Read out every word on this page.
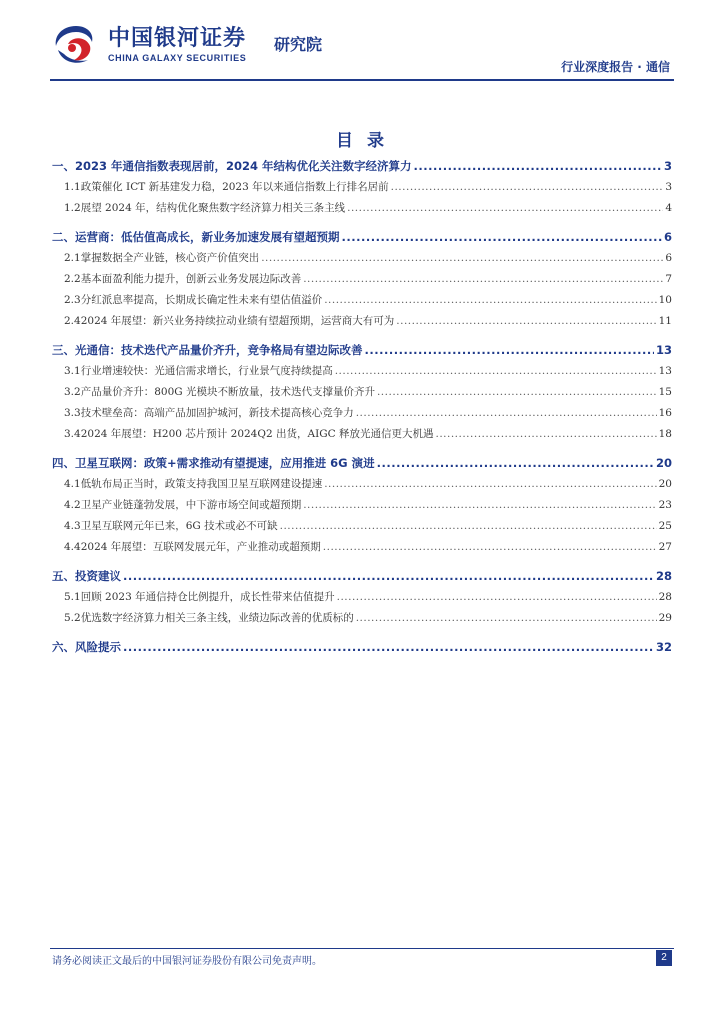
中国银河证券
CHINA GALAXY SECURITIES
研究院
行业深度报告 · 通信
目 录
一、2023 年通信指数表现居前，2024 年结构优化关注数字经济算力 .....	3
1.1 政策催化 ICT 新基建发力稳，2023 年以来通信指数上行排名居前 .....	3
1.2 展望 2024 年，结构优化聚焦数字经济算力相关三条主线 .....	4
二、运营商：低估值高成长，新业务加速发展有望超预期 .....	6
2.1 掌握数据全产业链，核心资产价值突出 .....	6
2.2 基本面盈利能力提升，创新云业务发展边际改善 .....	7
2.3 分红派息率提高，长期成长确定性未来有望估值溢价 .....	10
2.4 2024 年展望：新兴业务持续拉动业绩有望超预期，运营商大有可为 .....	11
三、光通信：技术迭代产品量价齐升，竞争格局有望边际改善 .....	13
3.1 行业增速较快：光通信需求增长，行业景气度持续提高 .....	13
3.2 产品量价齐升：800G 光模块不断放量，技术迭代支撑量价齐升 .....	15
3.3 技术壁垒高：高端产品加固护城河，新技术提高核心竞争力 .....	16
3.4 2024 年展望：H200 芯片预计 2024Q2 出货，AIGC 释放光通信更大机遇 .....	18
四、卫星互联网：政策+需求推动有望提速，应用推进 6G 演进 .....	20
4.1 低轨布局正当时，政策支持我国卫星互联网建设提速 .....	20
4.2 卫星产业链蓬勃发展，中下游市场空间或超预期 .....	23
4.3 卫星互联网元年已来，6G 技术或必不可缺 .....	25
4.4 2024 年展望：互联网发展元年，产业推动或超预期 .....	27
五、投资建议 .....	28
5.1 回顾 2023 年通信持仓比例提升，成长性带来估值提升 .....	28
5.2 优选数字经济算力相关三条主线，业绩边际改善的优质标的 .....	29
六、风险提示 .....	32
请务必阅读正文最后的中国银河证券股份有限公司免责声明。	2
